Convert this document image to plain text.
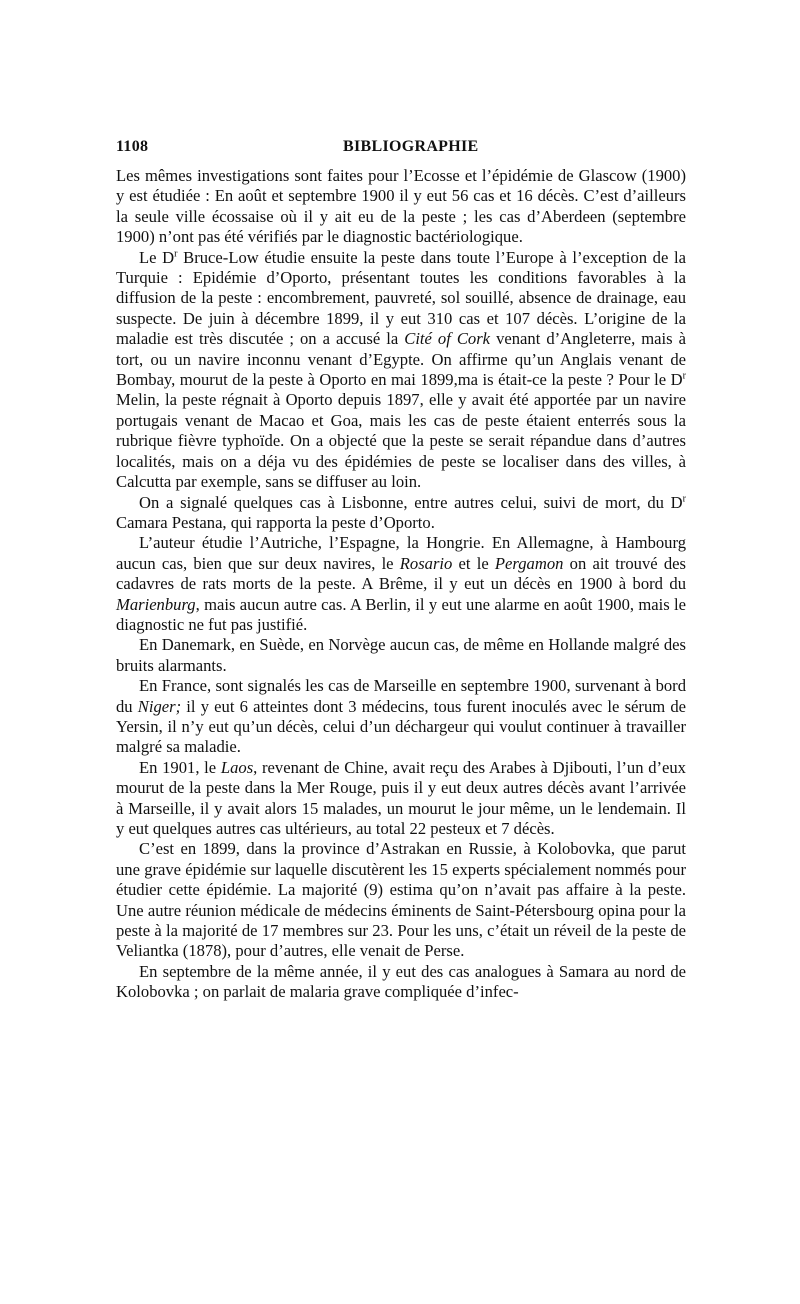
1108	BIBLIOGRAPHIE

Les mêmes investigations sont faites pour l’Ecosse et l’épidémie de Glascow (1900) y est étudiée : En août et septembre 1900 il y eut 56 cas et 16 décès. C’est d’ailleurs la seule ville écossaise où il y ait eu de la peste ; les cas d’Aberdeen (septembre 1900) n’ont pas été vérifiés par le diagnostic bactériologique.

Le $D^r$ Bruce-Low étudie ensuite la peste dans toute l’Europe à l’exception de la Turquie : Epidémie d’Oporto, présentant toutes les conditions favorables à la diffusion de la peste : encombrement, pauvreté, sol souillé, absence de drainage, eau suspecte. De juin à décembre 1899, il y eut 310 cas et 107 décès. L’origine de la maladie est très discutée ; on a accusé la Cité of Cork venant d’Angleterre, mais à tort, ou un navire inconnu venant d’Egypte. On affirme qu’un Anglais venant de Bombay, mourut de la peste à Oporto en mai 1899,ma is était-ce la peste ? Pour le $D^r$ Melin, la peste régnait à Oporto depuis 1897, elle y avait été apportée par un navire portugais venant de Macao et Goa, mais les cas de peste étaient enterrés sous la rubrique fièvre typhoïde. On a objecté que la peste se serait répandue dans d’autres localités, mais on a déja vu des épidémies de peste se localiser dans des villes, à Calcutta par exemple, sans se diffuser au loin.

On a signalé quelques cas à Lisbonne, entre autres celui, suivi de mort, du $D^r$ Camara Pestana, qui rapporta la peste d’Oporto.

L’auteur étudie l’Autriche, l’Espagne, la Hongrie. En Allemagne, à Hambourg aucun cas, bien que sur deux navires, le Rosario et le Pergamon on ait trouvé des cadavres de rats morts de la peste. A Brême, il y eut un décès en 1900 à bord du Marienburg, mais aucun autre cas. A Berlin, il y eut une alarme en août 1900, mais le diagnostic ne fut pas justifié.

En Danemark, en Suède, en Norvège aucun cas, de même en Hollande malgré des bruits alarmants.

En France, sont signalés les cas de Marseille en septembre 1900, survenant à bord du Niger; il y eut 6 atteintes dont 3 médecins, tous furent inoculés avec le sérum de Yersin, il n’y eut qu’un décès, celui d’un déchargeur qui voulut continuer à travailler malgré sa maladie.

En 1901, le Laos, revenant de Chine, avait reçu des Arabes à Djibouti, l’un d’eux mourut de la peste dans la Mer Rouge, puis il y eut deux autres décès avant l’arrivée à Marseille, il y avait alors 15 malades, un mourut le jour même, un le lendemain. Il y eut quelques autres cas ultérieurs, au total 22 pesteux et 7 décès.

C’est en 1899, dans la province d’Astrakan en Russie, à Kolobovka, que parut une grave épidémie sur laquelle discutèrent les 15 experts spécialement nommés pour étudier cette épidémie. La majorité (9) estima qu’on n’avait pas affaire à la peste. Une autre réunion médicale de médecins éminents de Saint-Pétersbourg opina pour la peste à la majorité de 17 membres sur 23. Pour les uns, c’était un réveil de la peste de Veliantka (1878), pour d’autres, elle venait de Perse.

En septembre de la même année, il y eut des cas analogues à Samara au nord de Kolobovka ; on parlait de malaria grave compliquée d’infec-
